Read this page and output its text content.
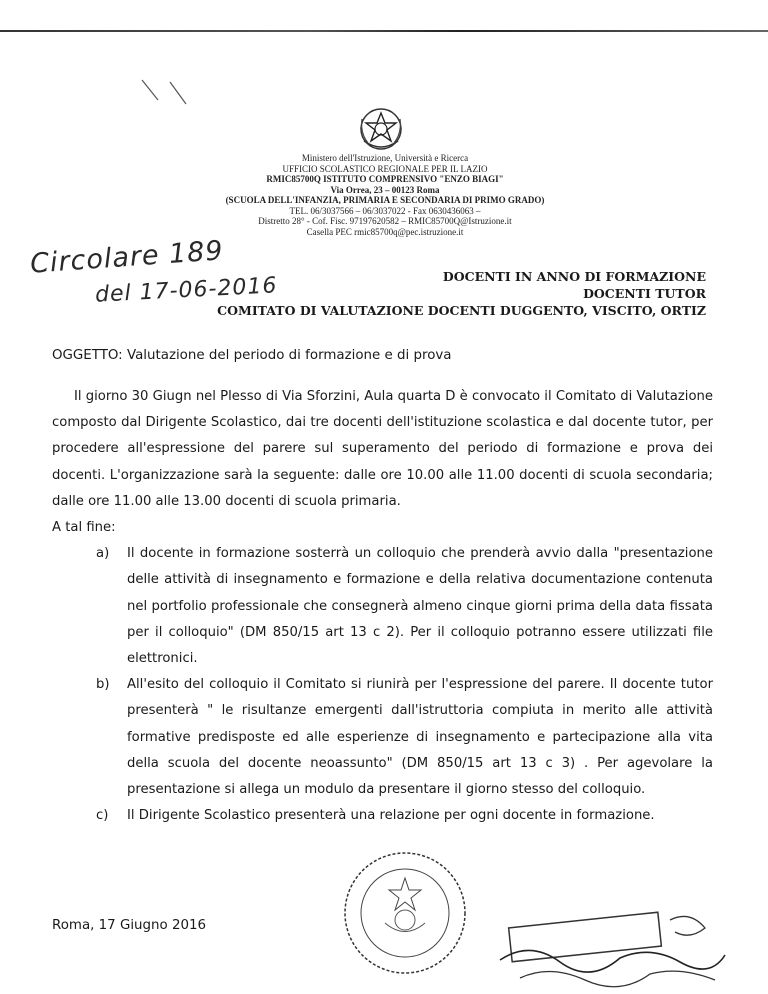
Ministero dell'Istruzione, Università e Ricerca
UFFICIO SCOLASTICO REGIONALE PER IL LAZIO
RMIC85700Q ISTITUTO COMPRENSIVO "ENZO BIAGI"
Via Orrea, 23 – 00123 Roma
(SCUOLA DELL'INFANZIA, PRIMARIA E SECONDARIA DI PRIMO GRADO)
TEL. 06/3037566 – 06/3037022 - Fax 0630436063 –
Distretto 28° - Cof. Fisc. 97197620582 – RMIC85700Q@Istruzione.it
Casella PEC rmic85700q@pec.istruzione.it
Circolare 189
del 17-06-2016	DOCENTI IN ANNO DI FORMAZIONE
DOCENTI TUTOR
COMITATO DI VALUTAZIONE DOCENTI DUGGENTO, VISCITO, ORTIZ
OGGETTO: Valutazione del periodo di formazione e di prova

Il giorno 30 Giugn nel Plesso di Via Sforzini, Aula quarta D è convocato il Comitato di Valutazione composto dal Dirigente Scolastico, dai tre docenti dell'istituzione scolastica e dal docente tutor, per procedere all'espressione del parere sul superamento del periodo di formazione e prova dei docenti. L'organizzazione sarà la seguente: dalle ore 10.00 alle 11.00 docenti di scuola secondaria; dalle ore 11.00 alle 13.00 docenti di scuola primaria.

A tal fine:

a) Il docente in formazione sosterrà un colloquio che prenderà avvio dalla "presentazione delle attività di insegnamento e formazione e della relativa documentazione contenuta nel portfolio professionale che consegnerà almeno cinque giorni prima della data fissata per il colloquio" (DM 850/15 art 13 c 2). Per il colloquio potranno essere utilizzati file elettronici.
b) All'esito del colloquio il Comitato si riunirà per l'espressione del parere. Il docente tutor presenterà " le risultanze emergenti dall'istruttoria compiuta in merito alle attività formative predisposte ed alle esperienze di insegnamento e partecipazione alla vita della scuola del docente neoassunto" (DM 850/15 art 13 c 3) . Per agevolare la presentazione si allega un modulo da presentare il giorno stesso del colloquio.
c) Il Dirigente Scolastico presenterà una relazione per ogni docente in formazione.
Roma, 17 Giugno 2016
